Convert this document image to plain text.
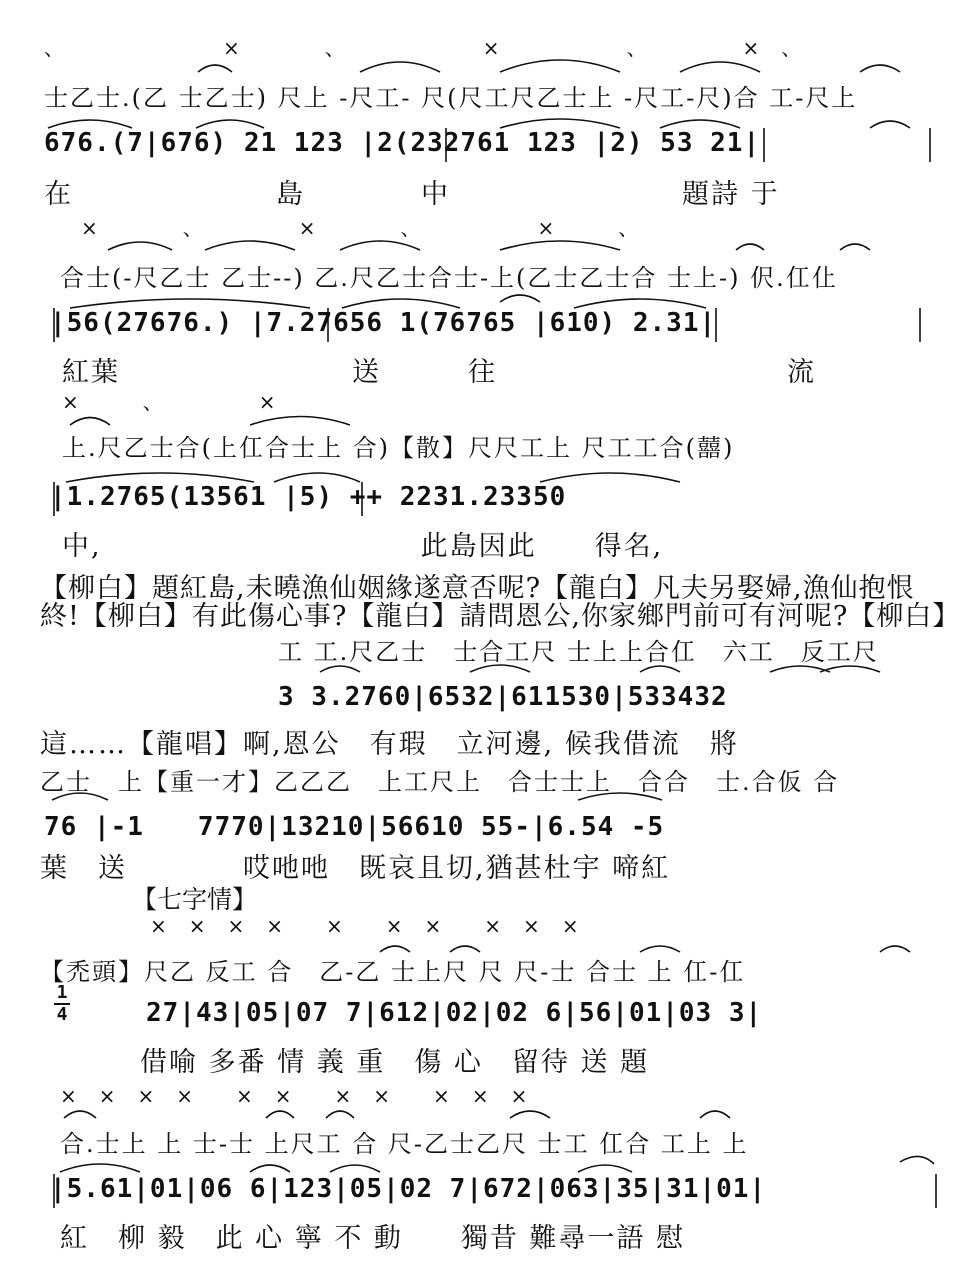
、　　　　　　　　×　　　　、　　　　　　　×　　　　　　、　　　　　×　、
士乙士.(乙 士乙士) 尺上 -尺工- 尺(尺工尺乙士上 -尺工-尺)合 工-尺上
676.(7|676) 21 123 |2(232761 123 |2) 53 21|
在　　　　　　　島　　　　中　　　　　　　　題詩 于
　×　　　　、　　　　　×　　　　、　　　　　　×　　　、
合士(-尺乙士 乙士--) 乙.尺乙士合士-上(乙士乙士合 士上-) 伬.仜仩
|56(27676.) |7.27656 1(76765 |610) 2.31|
紅葉　　　　　　　　送　　　往　　　　　　　　　　流
×　　　、　　　　　×
上.尺乙士合(上仜合士上 合)【散】尺尺工上 尺工工合(囍)
|1.2765(13561 |5) ++ 2231.23350
中,　　　　　　　　　　　此島因此　　得名,
【柳白】題紅島,未曉漁仙姻緣遂意否呢?【龍白】凡夫另娶婦,漁仙抱恨
終!【柳白】有此傷心事?【龍白】請問恩公,你家鄉門前可有河呢?【柳白】
工 工.尺乙士　士合工尺 士上上合仜　六工　反工尺
3 3.2760|6532|611530|533432
這……【龍唱】啊,恩公　有瑕　立河邊, 候我借流　將
乙士　上【重一才】乙乙乙　上工尺上　合士士上　合合　士.合仮 合
76 |-1　　7770|13210|56610 55-|6.54 -5
葉　送　　　　哎吔吔　既哀且切,猶甚杜宇 啼紅
【七字情】
×　×　×　×　　×　　×　×　　×　×　×
【禿頭】尺乙 反工 合　乙-乙 士上尺 尺 尺-士 合士 上 仜-仜
1
4	27|43|05|07 7|612|02|02 6|56|01|03 3|
借喻 多番 情 義 重　傷 心　留待 送 題
×　×　×　×　　×　×　　×　×　　×　×　×
合.士上 上 士-士 上尺工 合 尺-乙士乙尺 士工 仜合 工上 上
|5.61|01|06 6|123|05|02 7|672|063|35|31|01|
紅　柳 毅　此 心 寧 不 動　　獨昔 難尋一語 慰
